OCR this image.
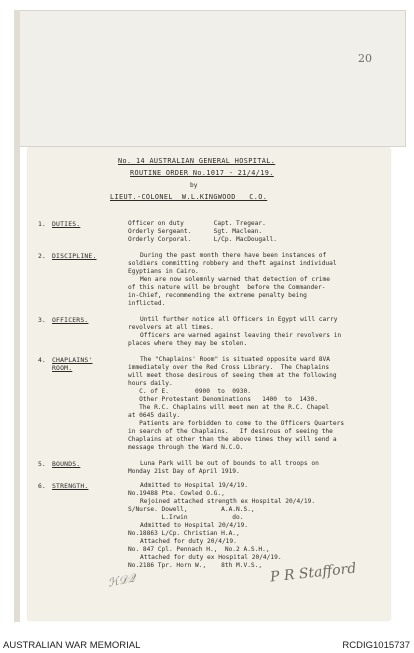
20
No. 14 AUSTRALIAN GENERAL HOSPITAL.
ROUTINE ORDER No.1017 - 21/4/19.
by
LIEUT.-COLONEL  W.L.KINGWOOD   C.O.
1. DUTIES.	Officer on duty        Capt. Tregear.
Orderly Sergeant.      Sgt. Maclean.
Orderly Corporal.      L/Cp. MacDougall.
2. DISCIPLINE.	During the past month there have been instances of
soldiers committing robbery and theft against individual
Egyptians in Cairo.
Men are now solemnly warned that detection of crime
of this nature will be brought  before the Commander-
in-Chief, recommending the extreme penalty being
inflicted.
3. OFFICERS.	Until further notice all Officers in Egypt will carry
revolvers at all times.
Officers are warned against leaving their revolvers in
places where they may be stolen.
4. CHAPLAINS'
ROOM.
The "Chaplains' Room" is situated opposite ward 8VA
immediately over the Red Cross Library.  The Chaplains
will meet those desirous of seeing them at the following
hours daily.
C. of E.       0900  to  0930.
Other Protestant Denominations   1400  to  1430.
The R.C. Chaplains will meet men at the R.C. Chapel
at 0645 daily.
Patients are forbidden to come to the Officers Quarters
in search of the Chaplains.   If desirous of seeing the
Chaplains at other than the above times they will send a
message through the Ward N.C.O.
5. BOUNDS.	Luna Park will be out of bounds to all troops on
Monday 21st Day of April 1919.
6. STRENGTH.	Admitted to Hospital 19/4/19.
No.19488 Pte. Cowled O.G.,
Rejoined attached strength ex Hospital 20/4/19.
S/Nurse. Dowell,         A.A.N.S.,
L.Irwin            do.
Admitted to Hospital 20/4/19.
No.18863 L/Cp. Christian H.A.,
Attached for duty 20/4/19.
No. 847 Cpl. Pennach H.,  No.2 A.S.H.,
Attached for duty ex Hospital 20/4/19.
No.2186 Tpr. Horn W.,    8th M.V.S.,
ℋ𝒟𝒬	P R Stafford
AUSTRALIAN WAR MEMORIAL	RCDIG1015737
